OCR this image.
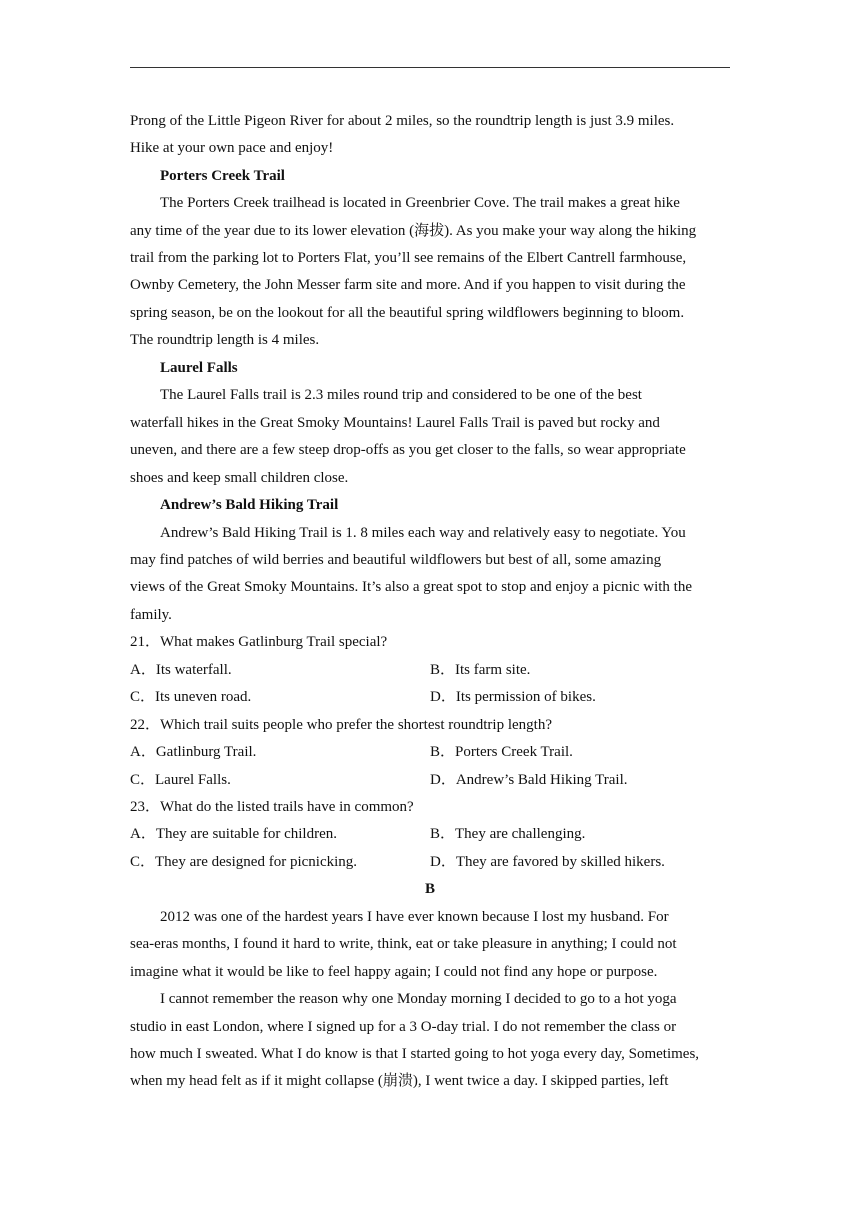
Prong of the Little Pigeon River for about 2 miles, so the roundtrip length is just 3.9 miles.
Hike at your own pace and enjoy!
Porters Creek Trail
The Porters Creek trailhead is located in Greenbrier Cove. The trail makes a great hike
any time of the year due to its lower elevation (海拔). As you make your way along the hiking
trail from the parking lot to Porters Flat, you’ll see remains of the Elbert Cantrell farmhouse,
Ownby Cemetery, the John Messer farm site and more. And if you happen to visit during the
spring season, be on the lookout for all the beautiful spring wildflowers beginning to bloom.
The roundtrip length is 4 miles.
Laurel Falls
The Laurel Falls trail is 2.3 miles round trip and considered to be one of the best
waterfall hikes in the Great Smoky Mountains! Laurel Falls Trail is paved but rocky and
uneven, and there are a few steep drop-offs as you get closer to the falls, so wear appropriate
shoes and keep small children close.
Andrew’s Bald Hiking Trail
Andrew’s Bald Hiking Trail is 1. 8 miles each way and relatively easy to negotiate. You
may find patches of wild berries and beautiful wildflowers but best of all, some amazing
views of the Great Smoky Mountains. It’s also a great spot to stop and enjoy a picnic with the
family.
21．What makes Gatlinburg Trail special?
A．Its waterfall.	B．Its farm site.
C．Its uneven road.	D．Its permission of bikes.
22．Which trail suits people who prefer the shortest roundtrip length?
A．Gatlinburg Trail.	B．Porters Creek Trail.
C．Laurel Falls.	D．Andrew’s Bald Hiking Trail.
23．What do the listed trails have in common?
A．They are suitable for children.	B．They are challenging.
C．They are designed for picnicking.	D．They are favored by skilled hikers.
B
2012 was one of the hardest years I have ever known because I lost my husband. For
sea-eras months, I found it hard to write, think, eat or take pleasure in anything; I could not
imagine what it would be like to feel happy again; I could not find any hope or purpose.
I cannot remember the reason why one Monday morning I decided to go to a hot yoga
studio in east London, where I signed up for a 3 O-day trial. I do not remember the class or
how much I sweated. What I do know is that I started going to hot yoga every day, Sometimes,
when my head felt as if it might collapse (崩溃), I went twice a day. I skipped parties, left
